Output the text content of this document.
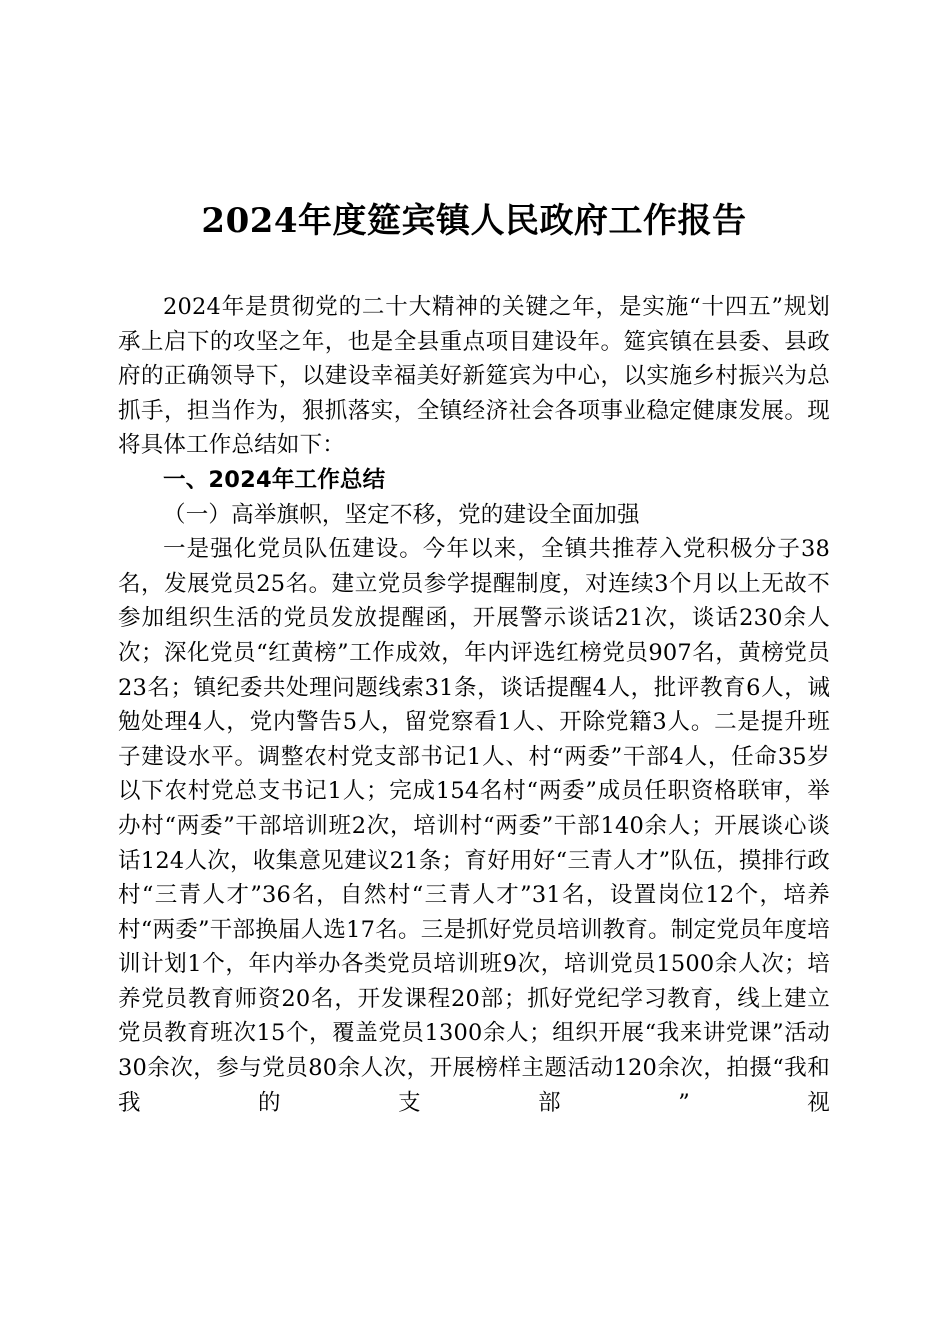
2024年度筵宾镇人民政府工作报告

2024年是贯彻党的二十大精神的关键之年，是实施“十四五”规划承上启下的攻坚之年，也是全县重点项目建设年。筵宾镇在县委、县政府的正确领导下，以建设幸福美好新筵宾为中心，以实施乡村振兴为总抓手，担当作为，狠抓落实，全镇经济社会各项事业稳定健康发展。现将具体工作总结如下：

一、2024年工作总结

（一）高举旗帜，坚定不移，党的建设全面加强

一是强化党员队伍建设。今年以来，全镇共推荐入党积极分子38名，发展党员25名。建立党员参学提醒制度，对连续3个月以上无故不参加组织生活的党员发放提醒函，开展警示谈话21次，谈话230余人次；深化党员“红黄榜”工作成效，年内评选红榜党员907名，黄榜党员23名；镇纪委共处理问题线索31条，谈话提醒4人，批评教育6人，诫勉处理4人，党内警告5人，留党察看1人、开除党籍3人。二是提升班子建设水平。调整农村党支部书记1人、村“两委”干部4人，任命35岁以下农村党总支书记1人；完成154名村“两委”成员任职资格联审，举办村“两委”干部培训班2次，培训村“两委”干部140余人；开展谈心谈话124人次，收集意见建议21条；育好用好“三青人才”队伍，摸排行政村“三青人才”36名，自然村“三青人才”31名，设置岗位12个，培养村“两委”干部换届人选17名。三是抓好党员培训教育。制定党员年度培训计划1个，年内举办各类党员培训班9次，培训党员1500余人次；培养党员教育师资20名，开发课程20部；抓好党纪学习教育，线上建立党员教育班次15个，覆盖党员1300余人；组织开展“我来讲党课”活动30余次，参与党员80余人次，开展榜样主题活动120余次，拍摄“我和我的支部”视
